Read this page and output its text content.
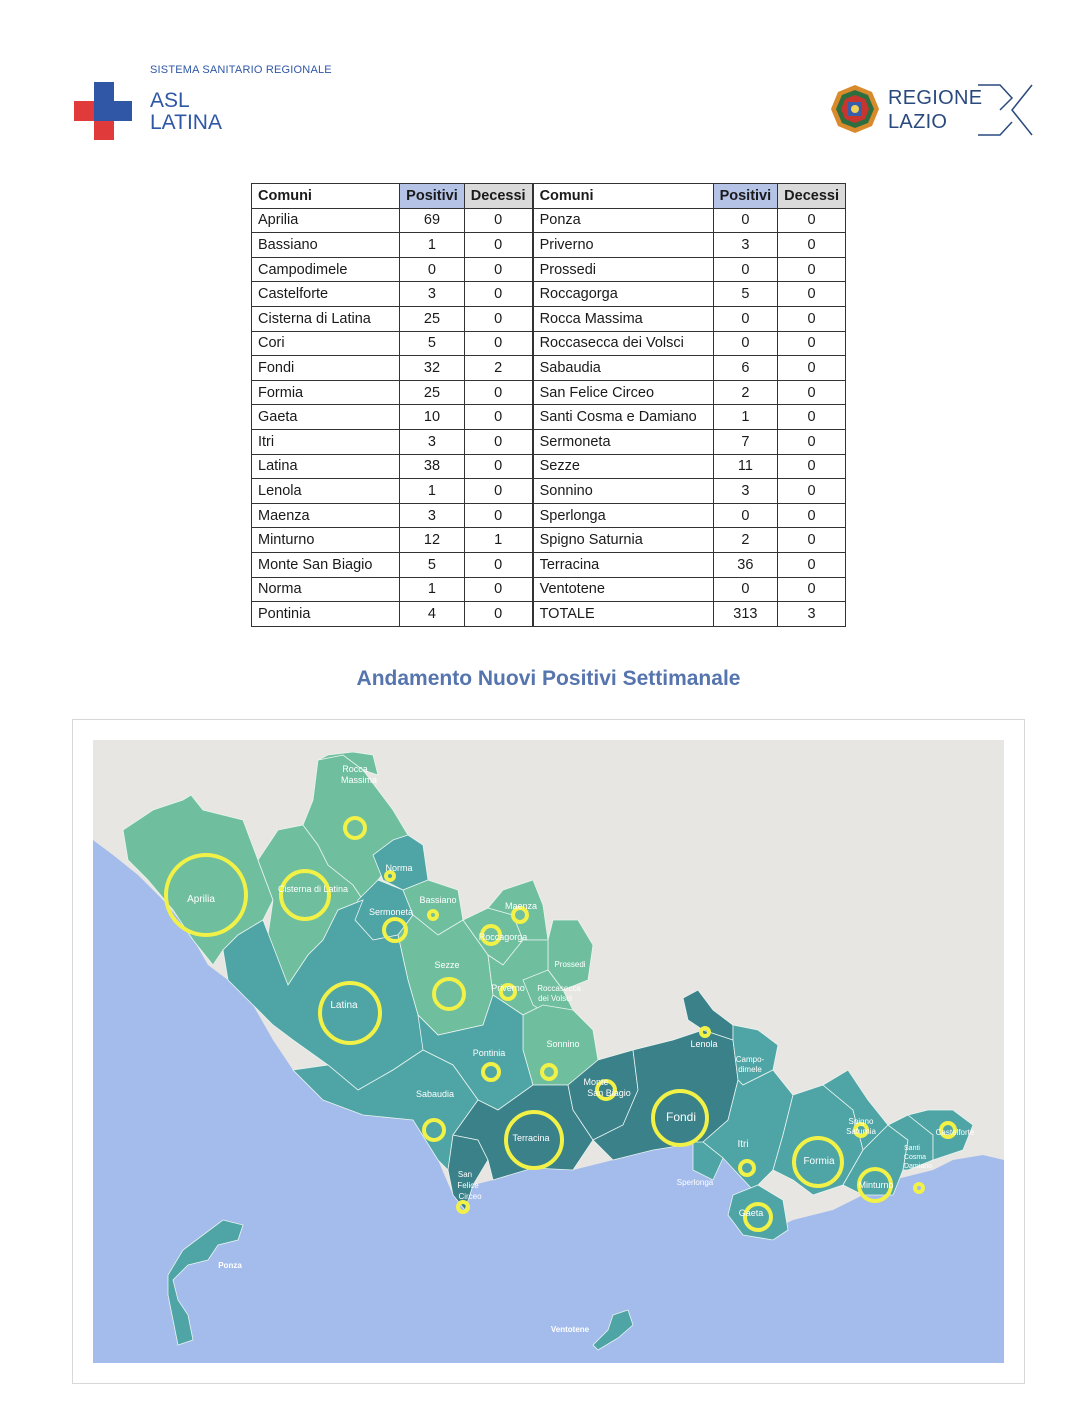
SISTEMA SANITARIO REGIONALE
ASL
LATINA
REGIONE
LAZIO
Comuni	Positivi	Decessi	Comuni	Positivi	Decessi
Aprilia	69	0	Ponza	0	0
Bassiano	1	0	Priverno	3	0
Campodimele	0	0	Prossedi	0	0
Castelforte	3	0	Roccagorga	5	0
Cisterna di Latina	25	0	Rocca Massima	0	0
Cori	5	0	Roccasecca dei Volsci	0	0
Fondi	32	2	Sabaudia	6	0
Formia	25	0	San Felice Circeo	2	0
Gaeta	10	0	Santi Cosma e Damiano	1	0
Itri	3	0	Sermoneta	7	0
Latina	38	0	Sezze	11	0
Lenola	1	0	Sonnino	3	0
Maenza	3	0	Sperlonga	0	0
Minturno	12	1	Spigno Saturnia	2	0
Monte San Biagio	5	0	Terracina	36	0
Norma	1	0	Ventotene	0	0
Pontinia	4	0	TOTALE	313	3
Andamento Nuovi Positivi Settimanale
Rocca Massima
Aprilia
Cisterna di Latina
Norma
Bassiano
Sermoneta
Maenza
Roccagorga
Prossedi
Sezze
Priverno Roccasecca dei Volsci
Latina
Sonnino
Pontinia
Sabaudia
Lenola
Campo-dimele
Monte San Biagio
Fondi
Terracina
Itri
Spigno Saturnia	Castelforte
Santi Cosma Damiano
Formia
Minturno
Sperlonga
Gaeta
San Felice Circeo
Ponza
Ventotene
